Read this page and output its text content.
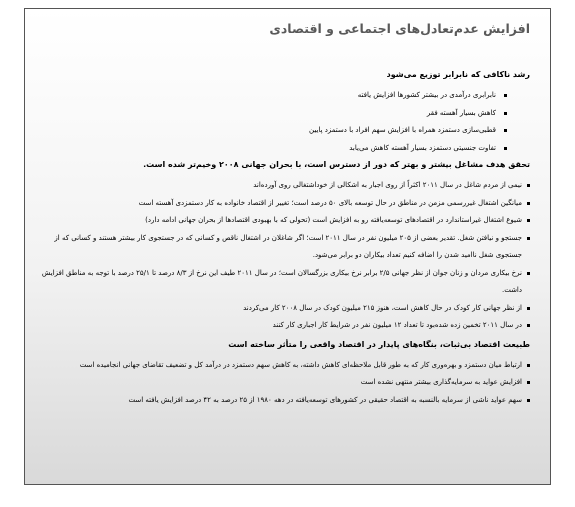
افزایش عدم‌تعادل‌های اجتماعی و اقتصادی
رشد ناکافی که نابرابر توزیع می‌شود
نابرابری درآمدی در بیشتر کشورها افزایش یافته
کاهش بسیار آهسته فقر
قطبی‌سازی دستمزد همراه با افزایش سهم افراد با دستمزد پایین
تفاوت جنسیتی دستمزد بسیار آهسته کاهش می‌یابد
تحقق هدف مشاغل بیشتر و بهتر که دور از دسترس است، با بحران جهانی ۲۰۰۸ وخیم‌تر شده است.
نیمی از مردم شاغل در سال ۲۰۱۱ اکثراً از روی اجبار به اشکالی از خوداشتغالی روی آورده‌اند
میانگین اشتغال غیررسمی مزمن در مناطق در حال توسعه بالای ۵۰ درصد است؛ تغییر از اقتصاد خانواده به کار دستمزدی آهسته است
شیوع اشتغال غیراستاندارد در اقتصادهای توسعه‌یافته رو به افزایش است (تحولی که با بهبودی اقتصادها از بحران جهانی ادامه دارد)
جستجو و نیافتن شغل. تقدیر بعضی از ۲۰۵ میلیون نفر در سال ۲۰۱۱ است؛ اگر شاغلان در اشتغال ناقص و کسانی که در جستجوی کار بیشتر هستند و کسانی که از جستجوی شغل ناامید شدن را اضافه کنیم تعداد بیکاران دو برابر می‌شود.
نرخ بیکاری مردان و زنان جوان از نظر جهانی ۲/۵ برابر نرخ بیکاری بزرگسالان است؛ در سال ۲۰۱۱ طیف این نرخ از ۸/۳ درصد تا ۲۵/۱ درصد با توجه به مناطق افزایش داشت.
از نظر جهانی کار کودک در حال کاهش است، هنوز ۲۱۵ میلیون کودک در سال ۲۰۰۸ کار می‌کردند
در سال ۲۰۱۱ تخمین زده شده‌بود تا تعداد ۱۲ میلیون نفر در شرایط کار اجباری کار کنند
طبیعت اقتصاد بی‌ثبات، بنگاه‌های پایدار در اقتصاد واقعی را متأثر ساخته است
ارتباط میان دستمزد و بهره‌وری کار که به طور قابل ملاحظه‌ای کاهش داشته، به کاهش سهم دستمزد در درآمد کل و تضعیف تقاضای جهانی انجامیده است
افزایش عواید به سرمایه‌گذاری بیشتر منتهی نشده است
سهم عواید ناشی از سرمایه بالنسبه به اقتصاد حقیقی در کشورهای توسعه‌یافته در دهه ۱۹۸۰ از ۲۵ درصد به ۴۲ درصد افزایش یافته است
